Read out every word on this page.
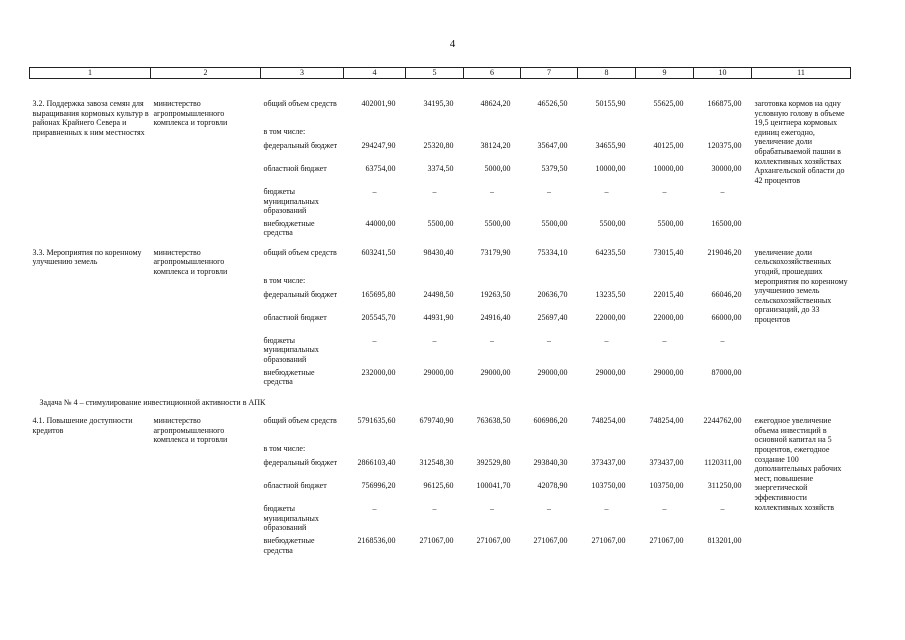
4
1	2	3	4	5	6	7	8	9	10	11
3.2. Поддержка завоза семян для выращивания кормовых культур в районах Крайнего Севера и приравненных к ним местностях	министерство агропромышленного комплекса и торговли	общий объем средств	402001,90	34195,30	48624,20	46526,50	50155,90	55625,00	166875,00	заготовка кормов на одну условную голову в объеме 19,5 центнера кормовых единиц ежегодно, увеличение доли обрабатываемой пашни в коллективных хозяйствах Архангельской области до 42 процентов
		в том числе:								
		федеральный бюджет	294247,90	25320,80	38124,20	35647,00	34655,90	40125,00	120375,00	
		областной бюджет	63754,00	3374,50	5000,00	5379,50	10000,00	10000,00	30000,00	
		бюджеты муниципальных образований	–	–	–	–	–	–	–	
		внебюджетные средства	44000,00	5500,00	5500,00	5500,00	5500,00	5500,00	16500,00	
3.3. Мероприятия по коренному улучшению земель	министерство агропромышленного комплекса и торговли	общий объем средств	603241,50	98430,40	73179,90	75334,10	64235,50	73015,40	219046,20	увеличение доли сельскохозяйственных угодий, прошедших мероприятия по коренному улучшению земель сельскохозяйственных организаций, до 33 процентов
		в том числе:								
		федеральный бюджет	165695,80	24498,50	19263,50	20636,70	13235,50	22015,40	66046,20	
		областной бюджет	205545,70	44931,90	24916,40	25697,40	22000,00	22000,00	66000,00	
		бюджеты муниципальных образований	–	–	–	–	–	–	–	
		внебюджетные средства	232000,00	29000,00	29000,00	29000,00	29000,00	29000,00	87000,00	
Задача № 4 – стимулирование инвестиционной активности в АПК										
4.1. Повышение доступности кредитов	министерство агропромышленного комплекса и торговли	общий объем средств	5791635,60	679740,90	763638,50	606986,20	748254,00	748254,00	2244762,00	ежегодное увеличение объема инвестиций в основной капитал на 5 процентов, ежегодное создание 100 дополнительных рабочих мест, повышение энергетической эффективности коллективных хозяйств
		в том числе:								
		федеральный бюджет	2866103,40	312548,30	392529,80	293840,30	373437,00	373437,00	1120311,00	
		областной бюджет	756996,20	96125,60	100041,70	42078,90	103750,00	103750,00	311250,00	
		бюджеты муниципальных образований	–	–	–	–	–	–	–	
		внебюджетные средства	2168536,00	271067,00	271067,00	271067,00	271067,00	271067,00	813201,00	
